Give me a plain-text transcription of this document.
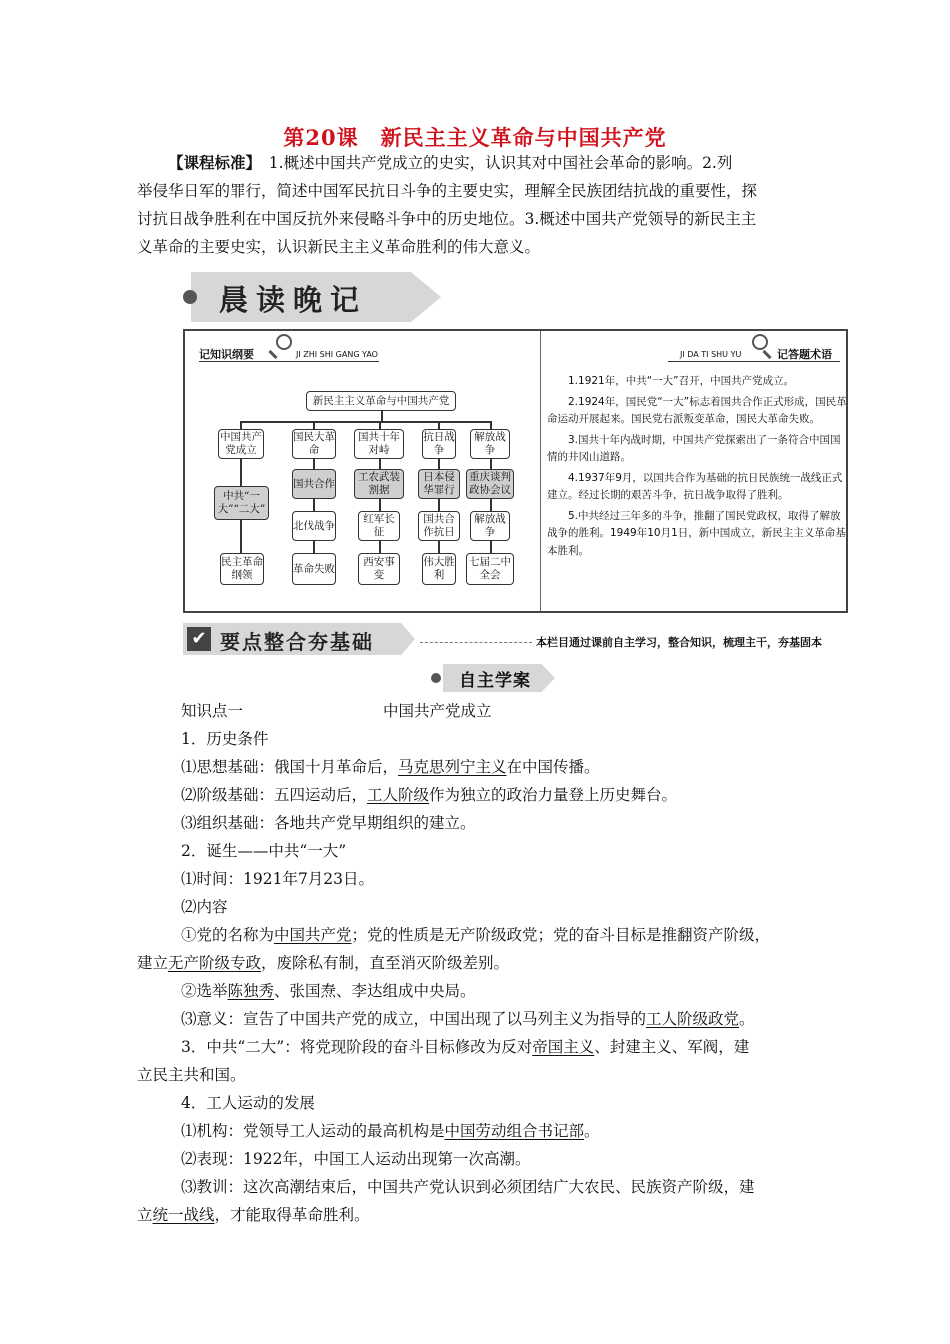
第20课　新民主主义革命与中国共产党
【课程标准】　 1.概述中国共产党成立的史实，认识其对中国社会革命的影响。2.列
举侵华日军的罪行，简述中国军民抗日斗争的主要史实，理解全民族团结抗战的重要性，探
讨抗日战争胜利在中国反抗外来侵略斗争中的历史地位。3.概述中国共产党领导的新民主主
义革命的主要史实，认识新民主主义革命胜利的伟大意义。
晨读晚记
记知识纲要	JI ZHI SHI GANG YAO	JI DA TI SHU YU	记答题术语
新民主主义革命与中国共产党
中国共产党成立
中共“一大”“二大”
民主革命纲领
国民大革命
国共合作
北伐战争
革命失败
国共十年对峙
工农武装割据
红军长征
西安事变
抗日战争
日本侵华罪行
国共合作抗日
伟大胜利
解放战争
重庆谈判政协会议
解放战争
七届二中全会

1.1921年，中共“一大”召开，中国共产党成立。

2.1924年，国民党“一大”标志着国共合作正式形成，国民革命运动开展起来。国民党右派叛变革命，国民大革命失败。

3.国共十年内战时期，中国共产党探索出了一条符合中国国情的井冈山道路。

4.1937年9月，以国共合作为基础的抗日民族统一战线正式建立。经过长期的艰苦斗争，抗日战争取得了胜利。

5.中共经过三年多的斗争，推翻了国民党政权，取得了解放战争的胜利。1949年10月1日，新中国成立，新民主主义革命基本胜利。

✔ 要点整合夯基础	本栏目通过课前自主学习，整合知识，梳理主干，夯基固本
自主学案
知识点一	中国共产党成立
1．历史条件
⑴思想基础：俄国十月革命后，马克思列宁主义在中国传播。
⑵阶级基础：五四运动后，工人阶级作为独立的政治力量登上历史舞台。
⑶组织基础：各地共产党早期组织的建立。
2．诞生——中共“一大”
⑴时间：1921年7月23日。
⑵内容
①党的名称为中国共产党；党的性质是无产阶级政党；党的奋斗目标是推翻资产阶级，
建立无产阶级专政，废除私有制，直至消灭阶级差别。
②选举陈独秀、张国焘、李达组成中央局。
⑶意义：宣告了中国共产党的成立，中国出现了以马列主义为指导的工人阶级政党。
3．中共“二大”：将党现阶段的奋斗目标修改为反对帝国主义、封建主义、军阀，建
立民主共和国。
4．工人运动的发展
⑴机构：党领导工人运动的最高机构是中国劳动组合书记部。
⑵表现：1922年，中国工人运动出现第一次高潮。
⑶教训：这次高潮结束后，中国共产党认识到必须团结广大农民、民族资产阶级，建
立统一战线，才能取得革命胜利。
